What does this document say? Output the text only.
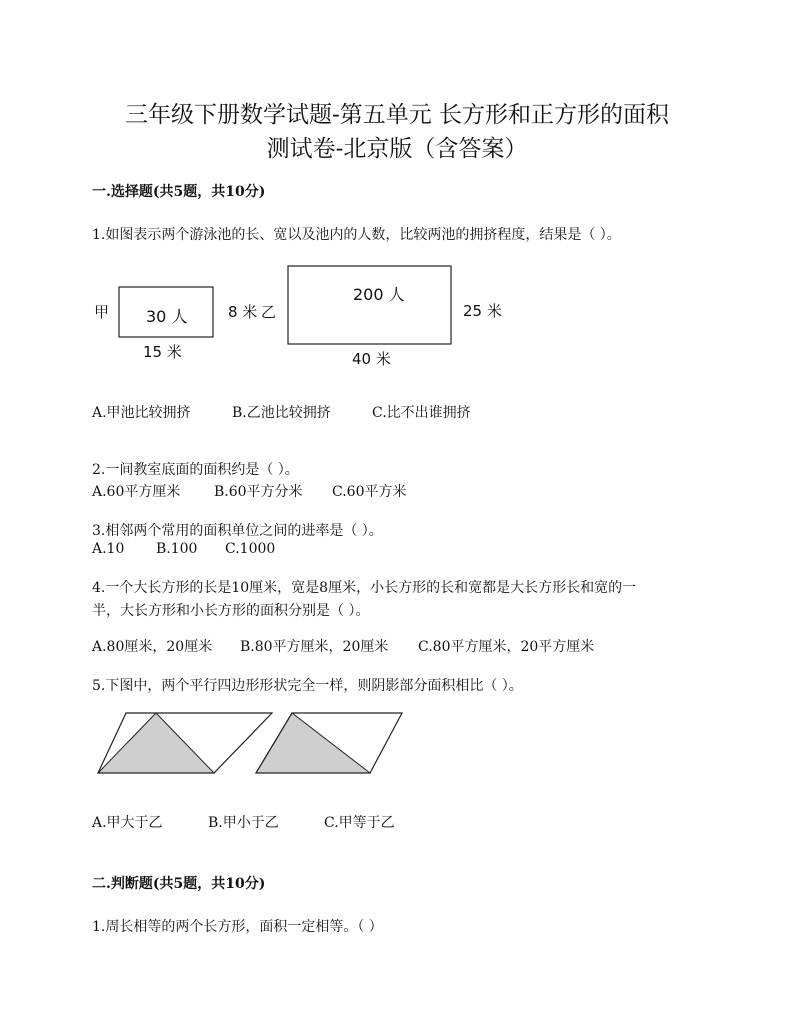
三年级下册数学试题-第五单元 长方形和正方形的面积
测试卷-北京版（含答案）
一.选择题(共5题，共10分)
1.如图表示两个游泳池的长、宽以及池内的人数，比较两池的拥挤程度，结果是（ ）。
甲 30 人
15 米
8 米 乙
200 人
40 米
25 米
A.甲池比较拥挤	B.乙池比较拥挤	C.比不出谁拥挤
2.一间教室底面的面积约是（ ）。
A.60平方厘米 B.60平方分米 C.60平方米
3.相邻两个常用的面积单位之间的进率是（ ）。
A.10 B.100 C.1000
4.一个大长方形的长是10厘米，宽是8厘米，小长方形的长和宽都是大长方形长和宽的一
半，大长方形和小长方形的面积分别是（ ）。
A.80厘米，20厘米 B.80平方厘米，20厘米 C.80平方厘米，20平方厘米
5.下图中，两个平行四边形形状完全一样，则阴影部分面积相比（ ）。
A.甲大于乙	B.甲小于乙	C.甲等于乙
二.判断题(共5题，共10分)
1.周长相等的两个长方形，面积一定相等。（ ）
